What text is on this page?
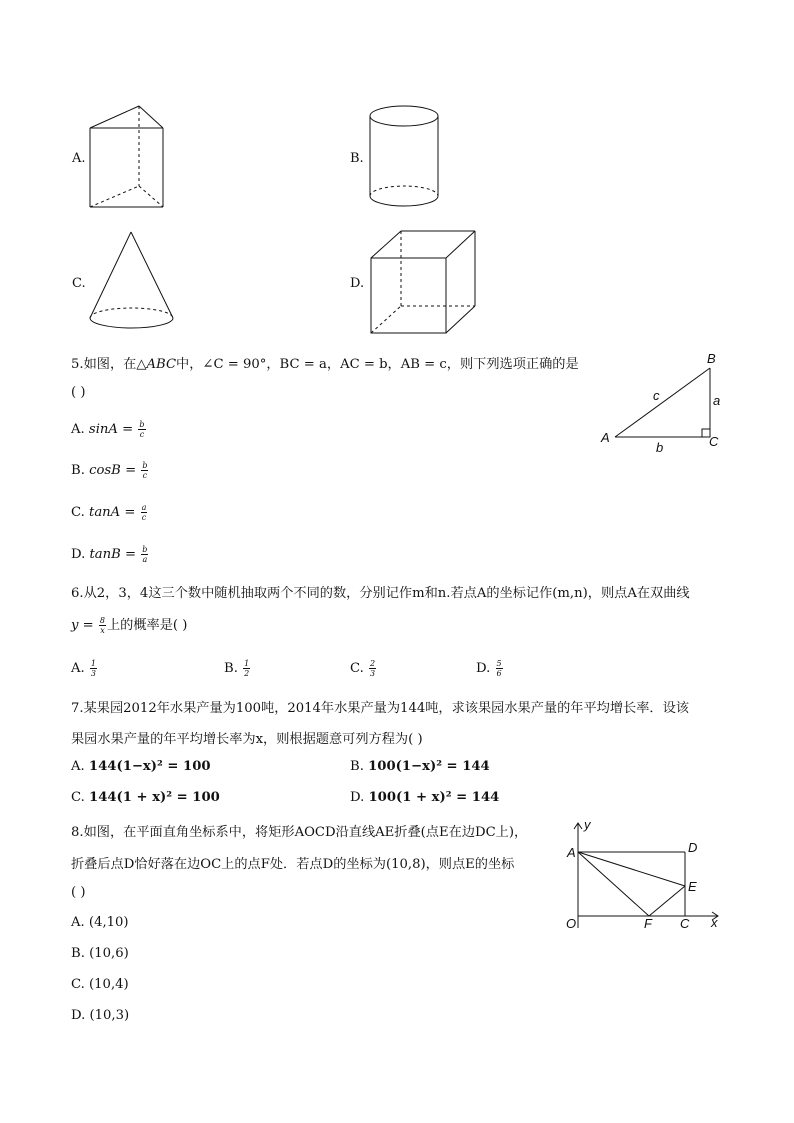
A.	B.
C.	D.
5.如图，在△ABC中，∠C = 90°，BC = a，AC = b，AB = c，则下列选项正确的是
( )
B
A	C
c	a
b
A. $\sin A = \frac{b}{c}$
B. $\cos B = \frac{b}{c}$
C. $\tan A = \frac{a}{c}$
D. $\tan B = \frac{b}{a}$
6.从2，3，4这三个数中随机抽取两个不同的数，分别记作m和n.若点A的坐标记作(m,n)，则点A在双曲线
$y = \frac{8}{x}$ 上的概率是( )
A. $\frac{1}{3}$	B. $\frac{1}{2}$	C. $\frac{2}{3}$	D. $\frac{5}{6}$
7.某果园2012年水果产量为100吨，2014年水果产量为144吨，求该果园水果产量的年平均增长率．设该
果园水果产量的年平均增长率为x，则根据题意可列方程为( )
A. 144(1−x)² = 100	B. 100(1−x)² = 144
C. 144(1 + x)² = 100	D. 100(1 + x)² = 144
8.如图，在平面直角坐标系中，将矩形AOCD沿直线AE折叠(点E在边DC上)，
折叠后点D恰好落在边OC上的点F处．若点D的坐标为(10,8)，则点E的坐标
( )
y
x
A	D
E
O	F C
A. (4,10)
B. (10,6)
C. (10,4)
D. (10,3)
